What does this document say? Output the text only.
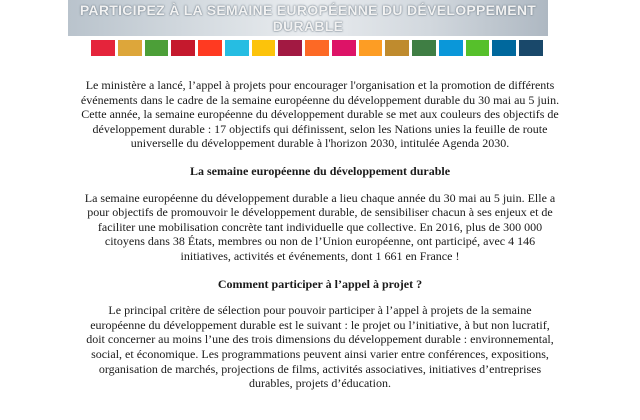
PARTICIPEZ À LA SEMAINE EUROPÉENNE DU DÉVELOPPEMENT DURABLE

Le ministère a lancé, l’appel à projets pour encourager l'organisation et la promotion de différents événements dans le cadre de la semaine européenne du développement durable du 30 mai au 5 juin. Cette année, la semaine européenne du développement durable se met aux couleurs des objectifs de développement durable : 17 objectifs qui définissent, selon les Nations unies la feuille de route universelle du développement durable à l'horizon 2030, intitulée Agenda 2030.

La semaine européenne du développement durable

La semaine européenne du développement durable a lieu chaque année du 30 mai au 5 juin. Elle a pour objectifs de promouvoir le développement durable, de sensibiliser chacun à ses enjeux et de faciliter une mobilisation concrète tant individuelle que collective. En 2016, plus de 300 000 citoyens dans 38 États, membres ou non de l’Union européenne, ont participé, avec 4 146 initiatives, activités et événements, dont 1 661 en France !

Comment participer à l’appel à projet ?

Le principal critère de sélection pour pouvoir participer à l’appel à projets de la semaine européenne du développement durable est le suivant : le projet ou l’initiative, à but non lucratif, doit concerner au moins l’une des trois dimensions du développement durable : environnemental, social, et économique. Les programmations peuvent ainsi varier entre conférences, expositions, organisation de marchés, projections de films, activités associatives, initiatives d’entreprises durables, projets d’éducation.
